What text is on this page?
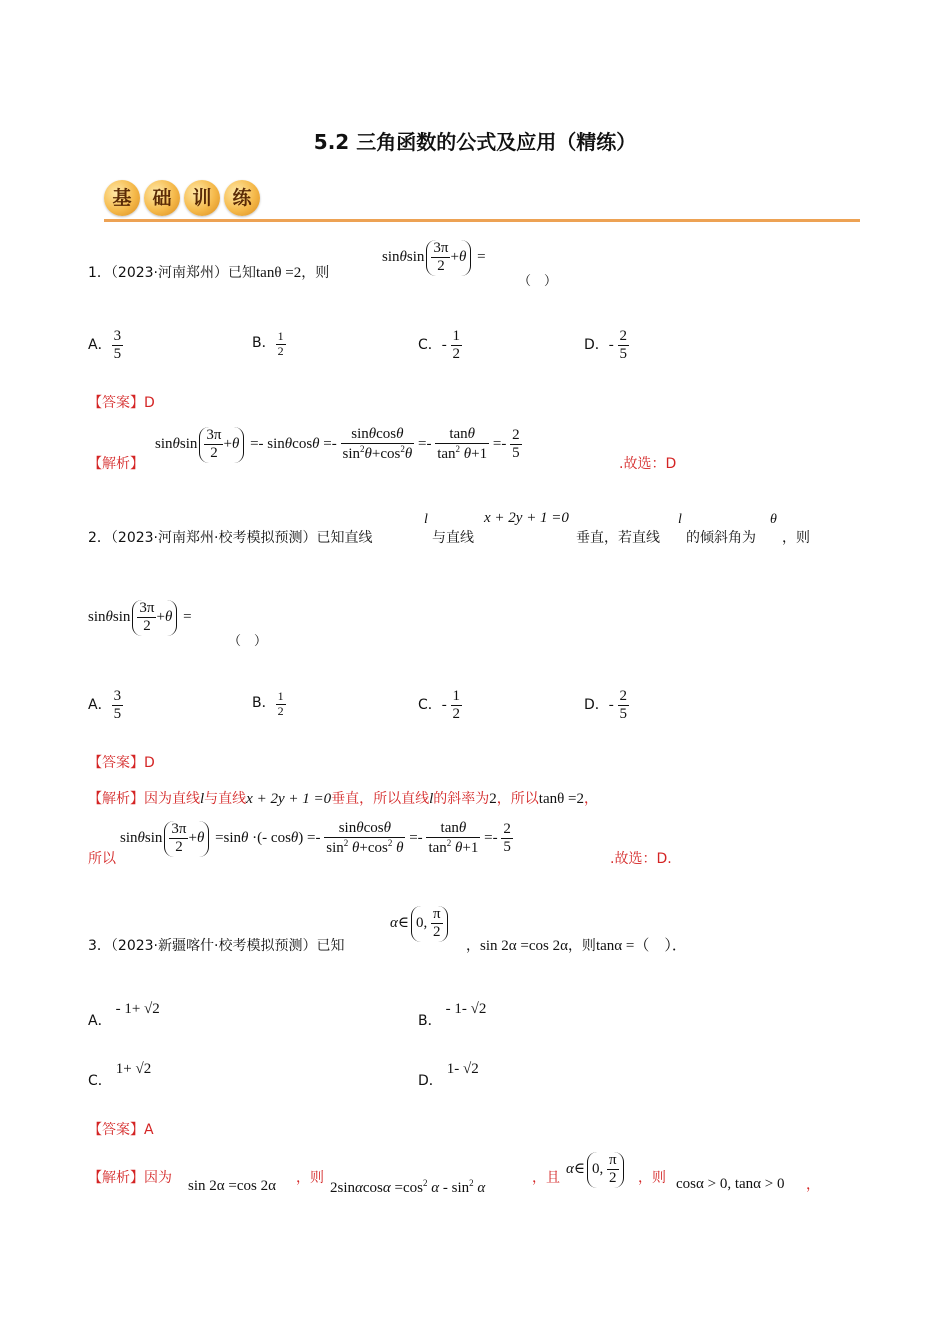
5.2 三角函数的公式及应用（精练）
基 础 训 练
1．（2023·河南郑州）已知tanθ =2，则
sinθsin $\frac{3\pi}{2} +\theta$ =
（　）
A． $\frac{3}{5}$	B． $\frac{1}{2}$	C．- $\frac{1}{2}$	D．- $\frac{2}{5}$
【答案】D
【解析】
sinθsin $\frac{3\pi}{2} +\theta =- \sin\theta\cos\theta =- \frac{\sin\theta\cos\theta}{\sin^2\theta+\cos^2\theta} =- \frac{\tan\theta}{\tan^2 \theta+1} =- \frac{2}{5}$
.故选：D
2．（2023·河南郑州·校考模拟预测）已知直线
l
与直线
x + 2y + 1 =0
垂直，若直线
l
的倾斜角为
θ
，则
sinθsin $\frac{3\pi}{2} +\theta$ =
（　）
A． $\frac{3}{5}$	B． $\frac{1}{2}$	C．- $\frac{1}{2}$	D．- $\frac{2}{5}$
【答案】D
【解析】因为直线l与直线x + 2y + 1 =0垂直，所以直线l的斜率为2，所以tanθ =2，
所以
sinθsin $\frac{3\pi}{2} +\theta =\sin\theta$ ·(- $\cos\theta) =- \frac{\sin\theta\cos\theta}{\sin^2 \theta+\cos^2 \theta} =- \frac{\tan\theta}{\tan^2 \theta+1} =- \frac{2}{5}$
.故选：D.
3．（2023·新疆喀什·校考模拟预测）已知
α∈ 0, $\frac{\pi}{2}$
，sin 2α =cos 2α，则tanα =（　）．
A．- 1+ √2
B．- 1- √2
C．1+ √2
D．1- √2
【答案】A
【解析】因为 sin 2α =cos 2α ，则
$2\sin\alpha\cos\alpha =\cos^2$ α - $\sin^2 \alpha$
，且
α∈ 0, $\frac{\pi}{2}$ ，则 cosα > 0, tanα > 0 ，
